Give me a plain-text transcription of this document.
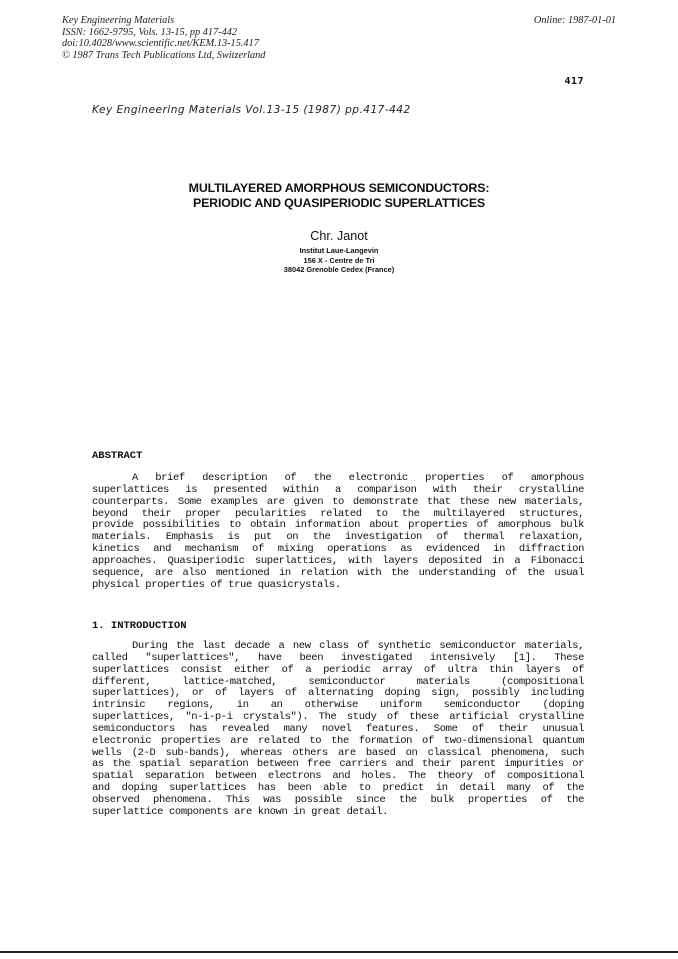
Key Engineering Materials
ISSN: 1662-9795, Vols. 13-15, pp 417-442
doi:10.4028/www.scientific.net/KEM.13-15.417
© 1987 Trans Tech Publications Ltd, Switzerland
Online: 1987-01-01
417
Key Engineering Materials Vol.13-15 (1987) pp.417-442
MULTILAYERED AMORPHOUS SEMICONDUCTORS:
PERIODIC AND QUASIPERIODIC SUPERLATTICES
Chr. Janot
Institut Laue-Langevin
156 X - Centre de Tri
38042 Grenoble Cedex (France)
ABSTRACT
A brief description of the electronic properties of amorphous
superlattices is presented within a comparison with their crystalline
counterparts. Some examples are given to demonstrate that these new materials,
beyond their proper pecularities related to the multilayered structures,
provide possibilities to obtain information about properties of amorphous bulk
materials. Emphasis is put on the investigation of thermal relaxation,
kinetics and mechanism of mixing operations as evidenced in diffraction
approaches. Quasiperiodic superlattices, with layers deposited in a Fibonacci
sequence, are also mentioned in relation with the understanding of the usual
physical properties of true quasicrystals.
1. INTRODUCTION
During the last decade a new class of synthetic semiconductor materials,
called "superlattices", have been investigated intensively [1]. These
superlattices consist either of a periodic array of ultra thin layers of
different, lattice-matched, semiconductor materials (compositional
superlattices), or of layers of alternating doping sign, possibly including
intrinsic regions, in an otherwise uniform semiconductor (doping
superlattices, "n-i-p-i crystals"). The study of these artificial crystalline
semiconductors has revealed many novel features. Some of their unusual
electronic properties are related to the formation of two-dimensional quantum
wells (2-D sub-bands), whereas others are based on classical phenomena, such
as the spatial separation between free carriers and their parent impurities or
spatial separation between electrons and holes. The theory of compositional
and doping superlattices has been able to predict in detail many of the
observed phenomena. This was possible since the bulk properties of the
superlattice components are known in great detail.
